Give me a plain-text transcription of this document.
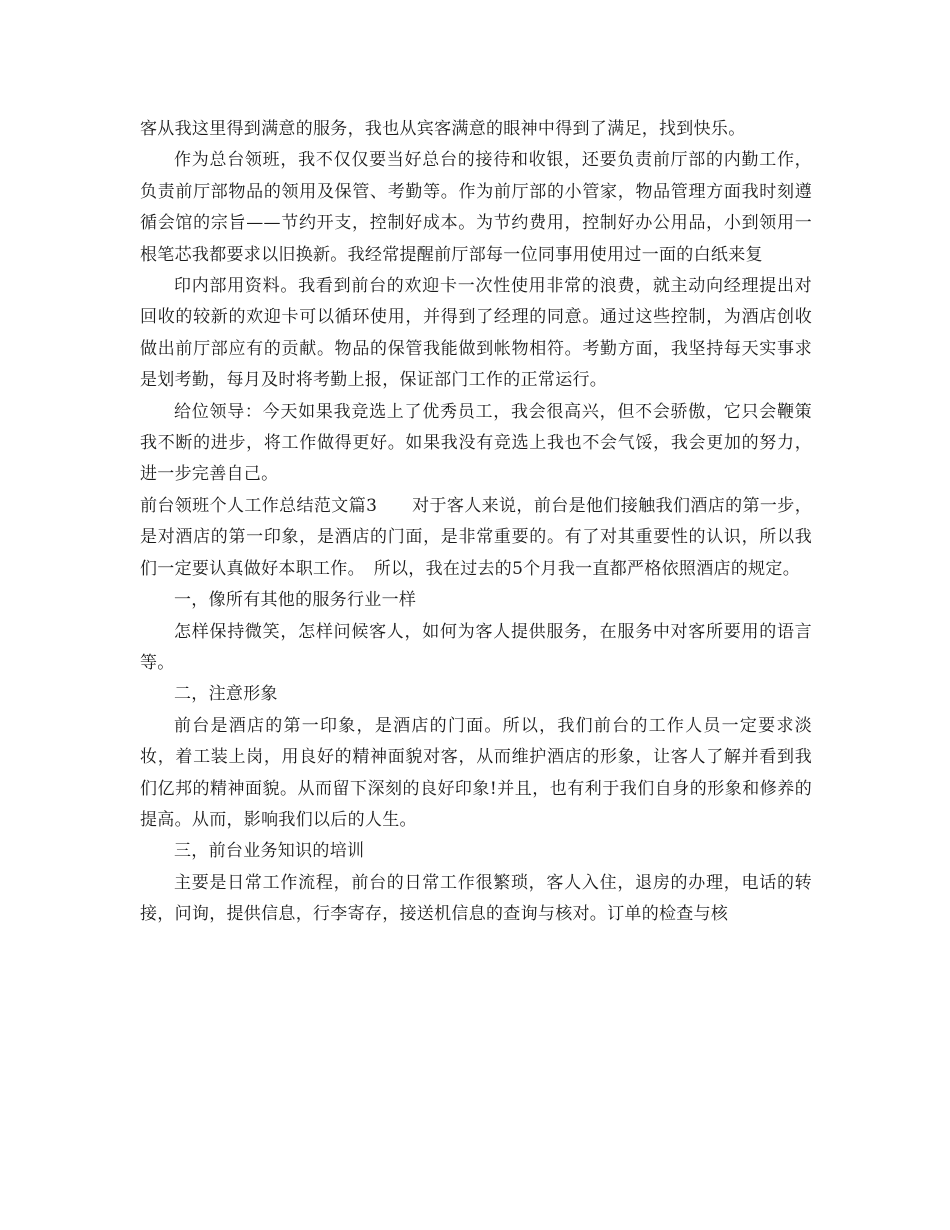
客从我这里得到满意的服务，我也从宾客满意的眼神中得到了满足，找到快乐。

作为总台领班，我不仅仅要当好总台的接待和收银，还要负责前厅部的内勤工作，负责前厅部物品的领用及保管、考勤等。作为前厅部的小管家，物品管理方面我时刻遵循会馆的宗旨——节约开支，控制好成本。为节约费用，控制好办公用品，小到领用一根笔芯我都要求以旧换新。我经常提醒前厅部每一位同事用使用过一面的白纸来复

印内部用资料。我看到前台的欢迎卡一次性使用非常的浪费，就主动向经理提出对回收的较新的欢迎卡可以循环使用，并得到了经理的同意。通过这些控制，为酒店创收做出前厅部应有的贡献。物品的保管我能做到帐物相符。考勤方面，我坚持每天实事求是划考勤，每月及时将考勤上报，保证部门工作的正常运行。

给位领导：今天如果我竞选上了优秀员工，我会很高兴，但不会骄傲，它只会鞭策我不断的进步，将工作做得更好。如果我没有竞选上我也不会气馁，我会更加的努力，进一步完善自己。

前台领班个人工作总结范文篇3　　对于客人来说，前台是他们接触我们酒店的第一步，是对酒店的第一印象，是酒店的门面，是非常重要的。有了对其重要性的认识，所以我们一定要认真做好本职工作。　所以，我在过去的5个月我一直都严格依照酒店的规定。

一，像所有其他的服务行业一样

怎样保持微笑，怎样问候客人，如何为客人提供服务，在服务中对客所要用的语言等。

二，注意形象

前台是酒店的第一印象，是酒店的门面。所以，我们前台的工作人员一定要求淡妆，着工装上岗，用良好的精神面貌对客，从而维护酒店的形象，让客人了解并看到我们亿邦的精神面貌。从而留下深刻的良好印象!并且，也有利于我们自身的形象和修养的提高。从而，影响我们以后的人生。

三，前台业务知识的培训

主要是日常工作流程，前台的日常工作很繁琐，客人入住，退房的办理，电话的转接，问询，提供信息，行李寄存，接送机信息的查询与核对。订单的检查与核
